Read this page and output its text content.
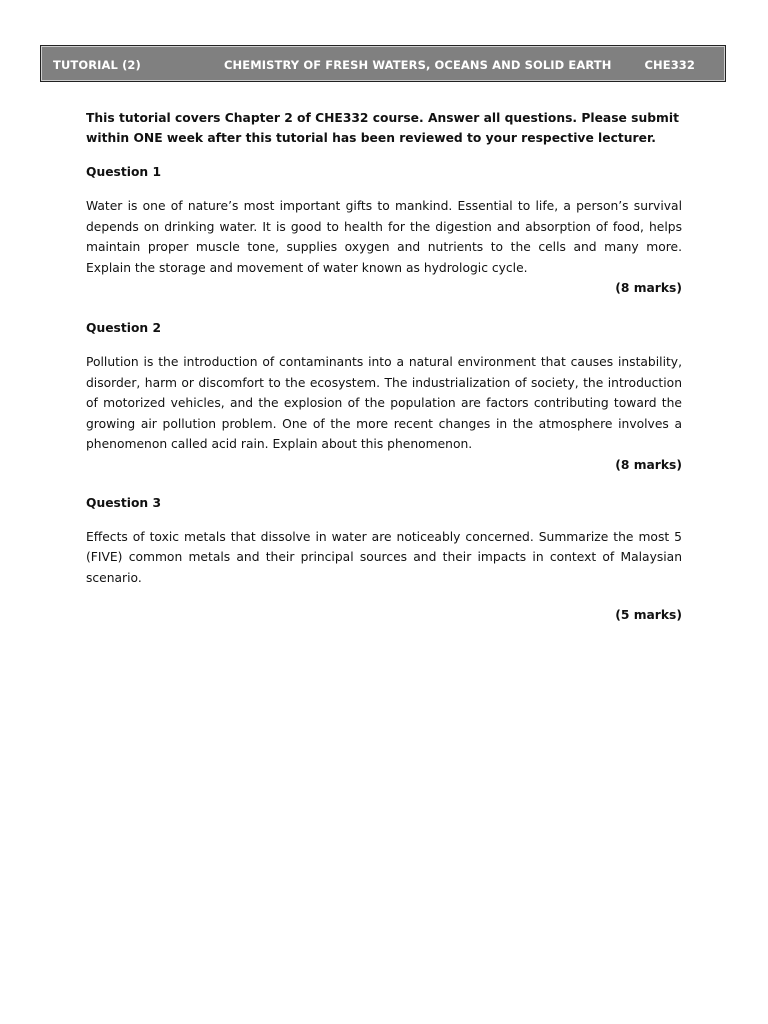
TUTORIAL (2)	CHEMISTRY OF FRESH WATERS, OCEANS AND SOLID EARTH	CHE332

This tutorial covers Chapter 2 of CHE332 course. Answer all questions. Please submit within ONE week after this tutorial has been reviewed to your respective lecturer.

Question 1

Water is one of nature’s most important gifts to mankind. Essential to life, a person’s survival depends on drinking water. It is good to health for the digestion and absorption of food, helps maintain proper muscle tone, supplies oxygen and nutrients to the cells and many more. Explain the storage and movement of water known as hydrologic cycle.

(8 marks)

Question 2

Pollution is the introduction of contaminants into a natural environment that causes instability, disorder, harm or discomfort to the ecosystem. The industrialization of society, the introduction of motorized vehicles, and the explosion of the population are factors contributing toward the growing air pollution problem. One of the more recent changes in the atmosphere involves a phenomenon called acid rain. Explain about this phenomenon.

(8 marks)

Question 3

Effects of toxic metals that dissolve in water are noticeably concerned. Summarize the most 5 (FIVE) common metals and their principal sources and their impacts in context of Malaysian scenario.

(5 marks)
